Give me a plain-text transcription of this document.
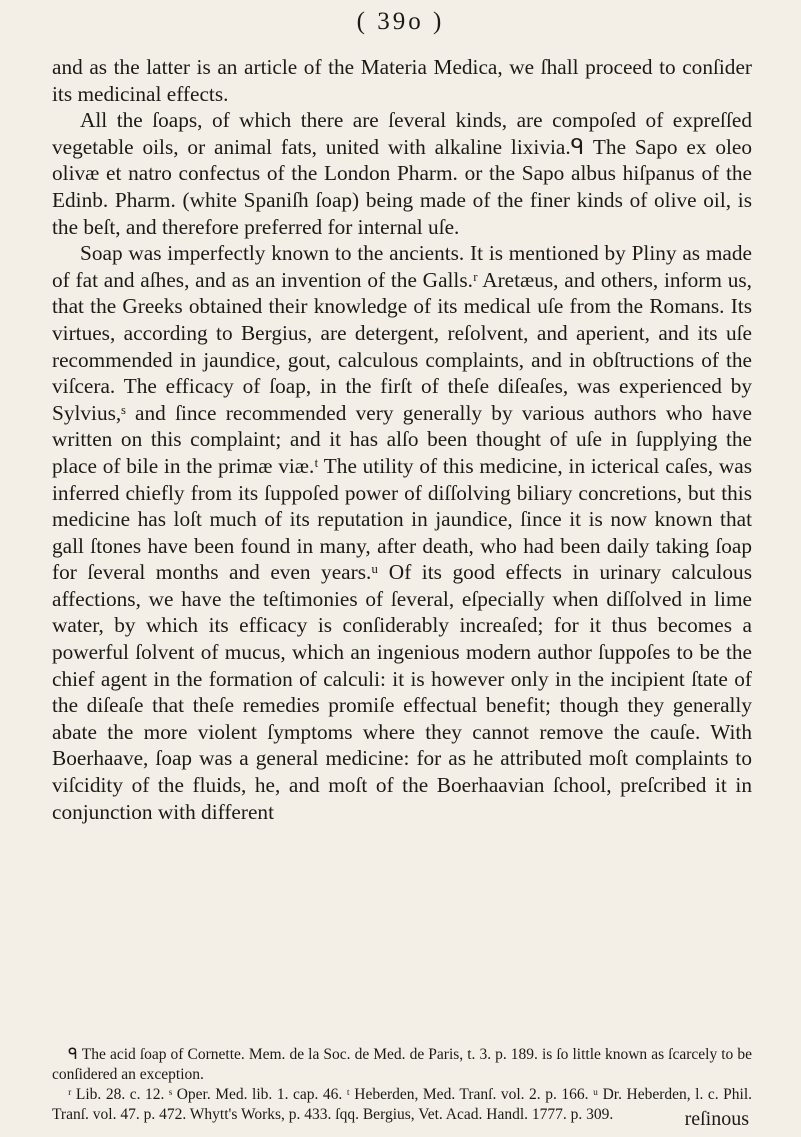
( 39o )

and as the latter is an article of the Materia Medica, we ſhall proceed to conſider its medicinal effects.

All the ſoaps, of which there are ſeveral kinds, are compoſed of expreſſed vegetable oils, or animal fats, united with alkaline lixivia.ᑫ The Sapo ex oleo olivæ et natro confectus of the London Pharm. or the Sapo albus hiſpanus of the Edinb. Pharm. (white Spaniſh ſoap) being made of the finer kinds of olive oil, is the beſt, and therefore preferred for internal uſe.

Soap was imperfectly known to the ancients. It is mentioned by Pliny as made of fat and aſhes, and as an invention of the Galls.ʳ Aretæus, and others, inform us, that the Greeks obtained their knowledge of its medical uſe from the Romans. Its virtues, according to Bergius, are detergent, reſolvent, and aperient, and its uſe recommended in jaundice, gout, calculous complaints, and in obſtructions of the viſcera. The efficacy of ſoap, in the firſt of theſe diſeaſes, was experienced by Sylvius,ˢ and ſince recommended very generally by various authors who have written on this complaint; and it has alſo been thought of uſe in ſupplying the place of bile in the primæ viæ.ᵗ The utility of this medicine, in icterical caſes, was inferred chiefly from its ſuppoſed power of diſſolving biliary concretions, but this medicine has loſt much of its reputation in jaundice, ſince it is now known that gall ſtones have been found in many, after death, who had been daily taking ſoap for ſeveral months and even years.ᵘ Of its good effects in urinary calculous affections, we have the teſtimonies of ſeveral, eſpecially when diſſolved in lime water, by which its efficacy is conſiderably increaſed; for it thus becomes a powerful ſolvent of mucus, which an ingenious modern author ſuppoſes to be the chief agent in the formation of calculi: it is however only in the incipient ſtate of the diſeaſe that theſe remedies promiſe effectual benefit; though they generally abate the more violent ſymptoms where they cannot remove the cauſe. With Boerhaave, ſoap was a general medicine: for as he attributed moſt complaints to viſcidity of the fluids, he, and moſt of the Boerhaavian ſchool, preſcribed it in conjunction with different

ᑫ The acid ſoap of Cornette. Mem. de la Soc. de Med. de Paris, t. 3. p. 189. is ſo little known as ſcarcely to be conſidered an exception.

ʳ Lib. 28. c. 12. ˢ Oper. Med. lib. 1. cap. 46. ᵗ Heberden, Med. Tranſ. vol. 2. p. 166. ᵘ Dr. Heberden, l. c. Phil. Tranſ. vol. 47. p. 472. Whytt's Works, p. 433. ſqq. Bergius, Vet. Acad. Handl. 1777. p. 309.	reſinous
